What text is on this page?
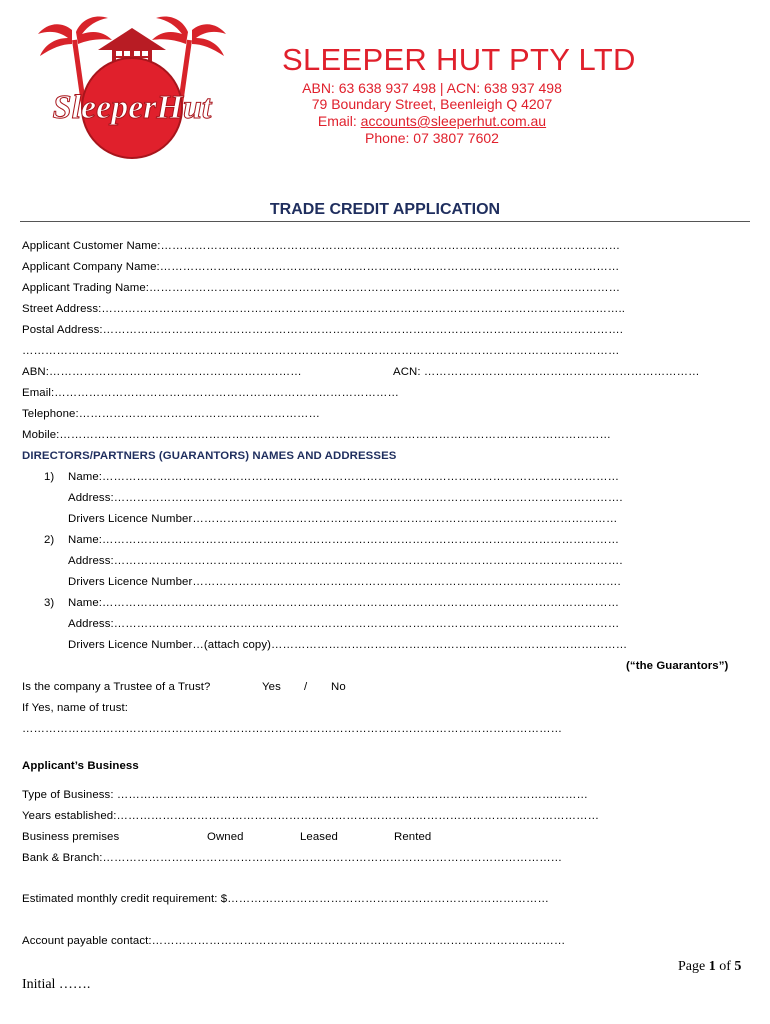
SleeperHut
SLEEPER HUT PTY LTD
ABN: 63 638 937 498 | ACN: 638 937 498
79 Boundary Street, Beenleigh Q 4207
Email: accounts@sleeperhut.com.au
Phone: 07 3807 7602
TRADE CREDIT APPLICATION
Applicant Customer Name:…………………………………………………………………………………………………………
Applicant Company Name:…………………………………………………………………………………………………………
Applicant Trading Name:……………………………………………………………………………………………………………
Street Address:………………………………………………………………………………………………………………………..
Postal Address:……………………………………………………………………………………………………………………….
…………………………………………………………………………………………………………………………………………
ABN:…………………………………………………………	ACN: ………………………………………………………………
Email:………………………………………………………………………………
Telephone:………………………………………………………
Mobile:………………………………………………………………………………………………………………………………
DIRECTORS/PARTNERS (GUARANTORS) NAMES AND ADDRESSES
1) Name:………………………………………………………………………………………………………………………
Address:…………………………………………………………………………………………………………………….
Drivers Licence Number…………………………………………………………………………………………………
2) Name:………………………………………………………………………………………………………………………
Address:…………………………………………………………………………………………………………………….
Drivers Licence Number………………………………………………………………………………………………….
3) Name:………………………………………………………………………………………………………………………
Address:……………………………………………………………………………………………………………………
Drivers Licence Number…(attach copy)…………………………………………………………………………………
(“the Guarantors”)
Is the company a Trustee of a Trust?	Yes / No
If Yes, name of trust:
……………………………………………………………………………………………………………………………
Applicant’s Business
Type of Business: ……………………………………………………………………………………………………………
Years established:………………………………………………………………………………………………………………
Business premises	Owned	Leased	Rented
Bank & Branch:…………………………………………………………………………………………………………
Estimated monthly credit requirement: $…………………………………………………………………………
Account payable contact:………………………………………………………………………………………………
Page 1 of 5
Initial …….
